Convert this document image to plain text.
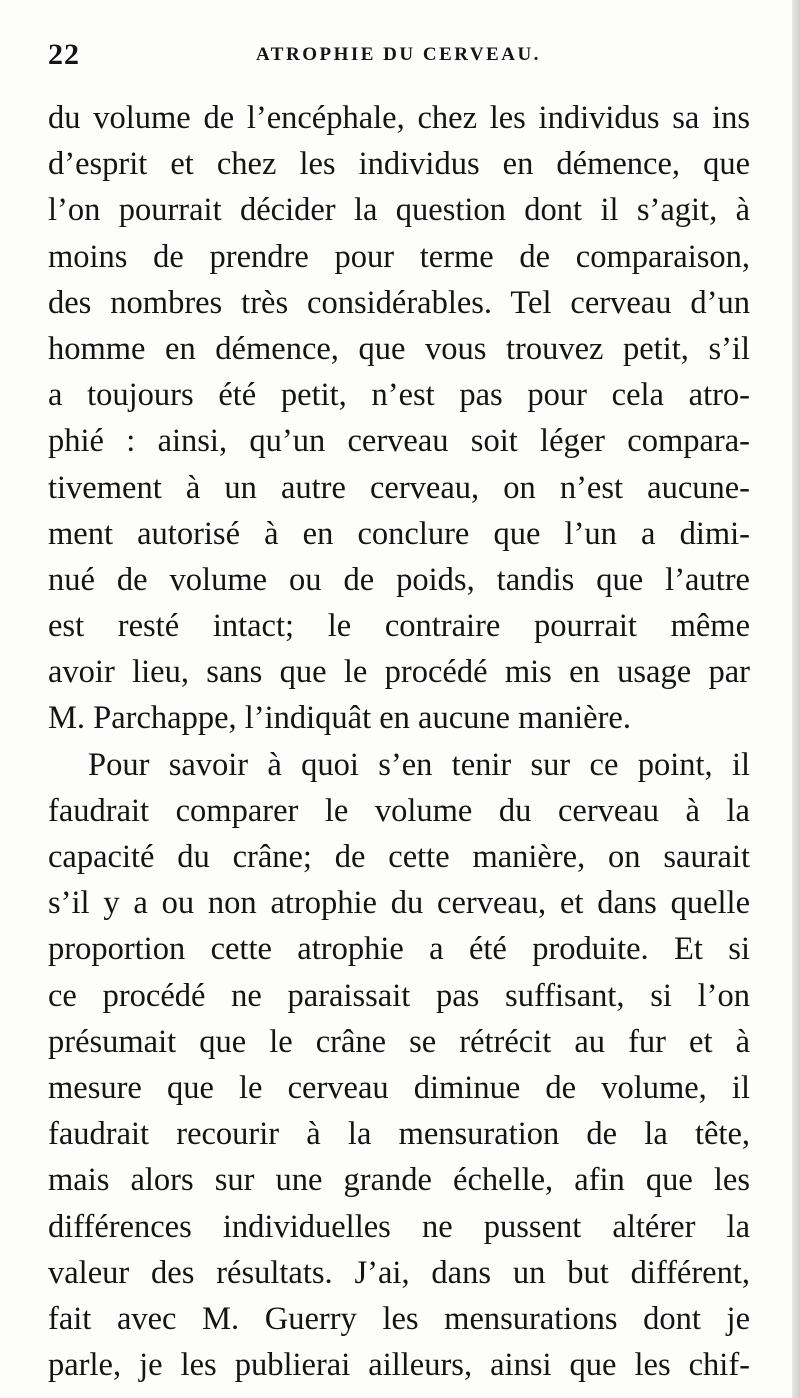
22	ATROPHIE DU CERVEAU.
du volume de l’encéphale, chez les individus sa ins
d’esprit et chez les individus en démence, que
l’on pourrait décider la question dont il s’agit, à
moins de prendre pour terme de comparaison,
des nombres très considérables. Tel cerveau d’un
homme en démence, que vous trouvez petit, s’il
a toujours été petit, n’est pas pour cela atro-
phié : ainsi, qu’un cerveau soit léger compara-
tivement à un autre cerveau, on n’est aucune-
ment autorisé à en conclure que l’un a dimi-
nué de volume ou de poids, tandis que l’autre
est resté intact; le contraire pourrait même
avoir lieu, sans que le procédé mis en usage par
M. Parchappe, l’indiquât en aucune manière.
Pour savoir à quoi s’en tenir sur ce point, il
faudrait comparer le volume du cerveau à la
capacité du crâne; de cette manière, on saurait
s’il y a ou non atrophie du cerveau, et dans quelle
proportion cette atrophie a été produite. Et si
ce procédé ne paraissait pas suffisant, si l’on
présumait que le crâne se rétrécit au fur et à
mesure que le cerveau diminue de volume, il
faudrait recourir à la mensuration de la tête,
mais alors sur une grande échelle, afin que les
différences individuelles ne pussent altérer la
valeur des résultats. J’ai, dans un but différent,
fait avec M. Guerry les mensurations dont je
parle, je les publierai ailleurs, ainsi que les chif-
